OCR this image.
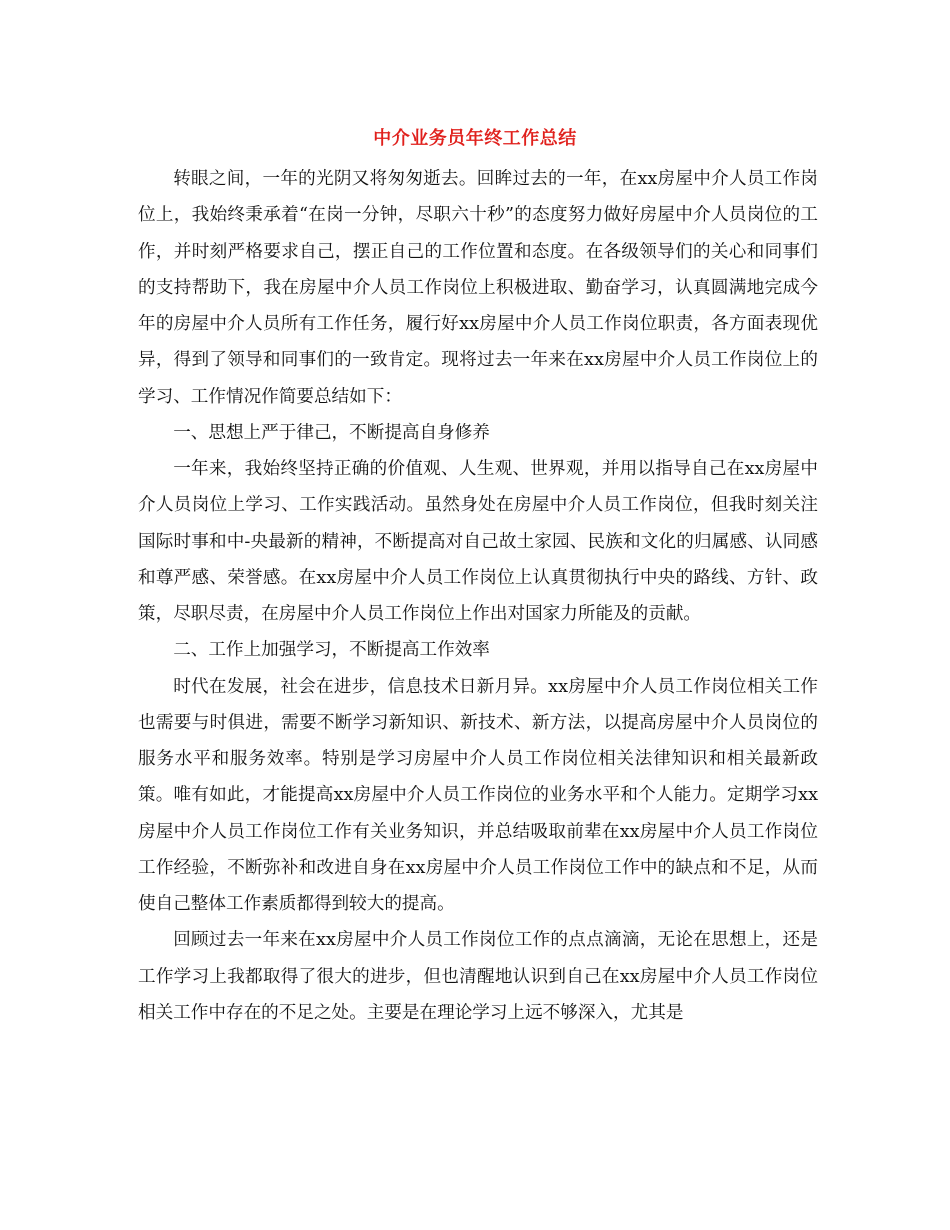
中介业务员年终工作总结

转眼之间，一年的光阴又将匆匆逝去。回眸过去的一年，在xx房屋中介人员工作岗位上，我始终秉承着“在岗一分钟，尽职六十秒”的态度努力做好房屋中介人员岗位的工作，并时刻严格要求自己，摆正自己的工作位置和态度。在各级领导们的关心和同事们的支持帮助下，我在房屋中介人员工作岗位上积极进取、勤奋学习，认真圆满地完成今年的房屋中介人员所有工作任务，履行好xx房屋中介人员工作岗位职责，各方面表现优异，得到了领导和同事们的一致肯定。现将过去一年来在xx房屋中介人员工作岗位上的学习、工作情况作简要总结如下：

一、思想上严于律己，不断提高自身修养

一年来，我始终坚持正确的价值观、人生观、世界观，并用以指导自己在xx房屋中介人员岗位上学习、工作实践活动。虽然身处在房屋中介人员工作岗位，但我时刻关注国际时事和中-央最新的精神，不断提高对自己故土家园、民族和文化的归属感、认同感和尊严感、荣誉感。在xx房屋中介人员工作岗位上认真贯彻执行中央的路线、方针、政策，尽职尽责，在房屋中介人员工作岗位上作出对国家力所能及的贡献。

二、工作上加强学习，不断提高工作效率

时代在发展，社会在进步，信息技术日新月异。xx房屋中介人员工作岗位相关工作也需要与时俱进，需要不断学习新知识、新技术、新方法，以提高房屋中介人员岗位的服务水平和服务效率。特别是学习房屋中介人员工作岗位相关法律知识和相关最新政策。唯有如此，才能提高xx房屋中介人员工作岗位的业务水平和个人能力。定期学习xx房屋中介人员工作岗位工作有关业务知识，并总结吸取前辈在xx房屋中介人员工作岗位工作经验，不断弥补和改进自身在xx房屋中介人员工作岗位工作中的缺点和不足，从而使自己整体工作素质都得到较大的提高。

回顾过去一年来在xx房屋中介人员工作岗位工作的点点滴滴，无论在思想上，还是工作学习上我都取得了很大的进步，但也清醒地认识到自己在xx房屋中介人员工作岗位相关工作中存在的不足之处。主要是在理论学习上远不够深入，尤其是
